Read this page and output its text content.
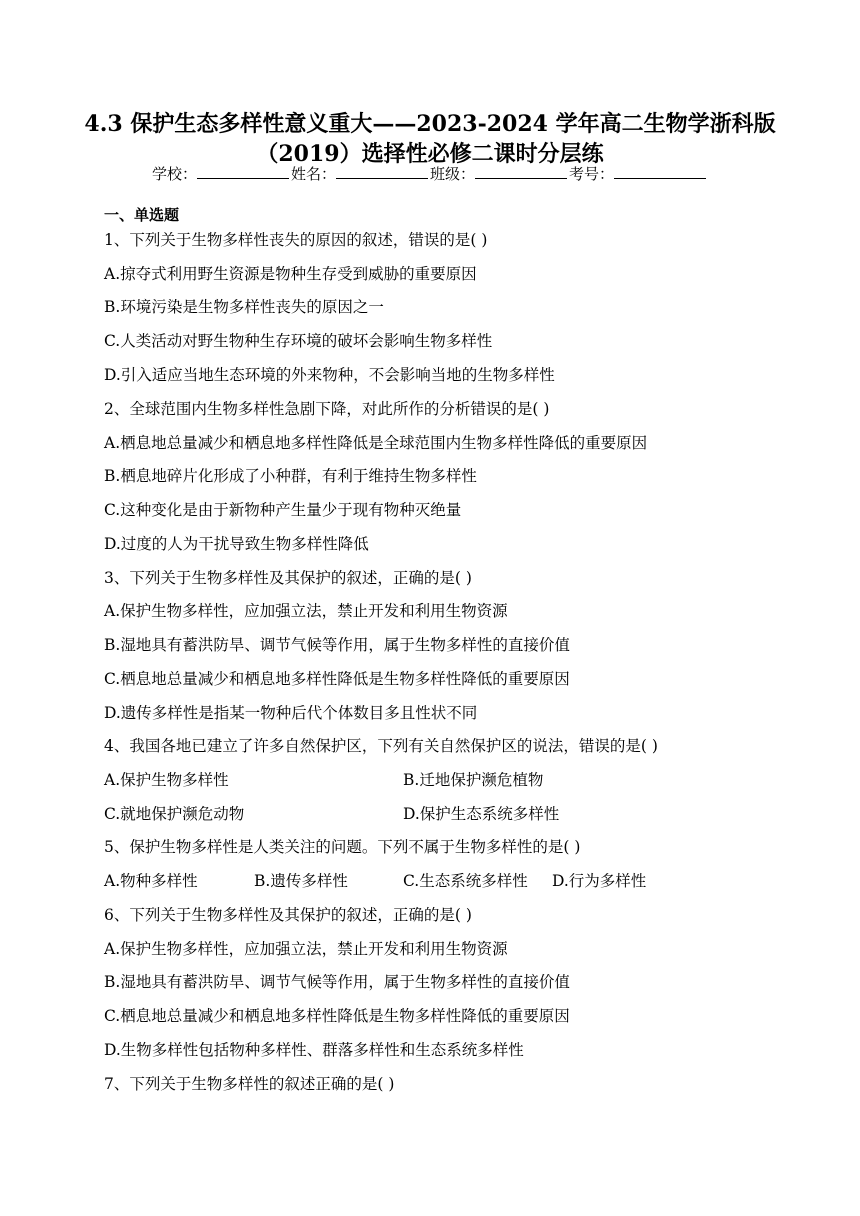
4.3 保护生态多样性意义重大——2023-2024 学年高二生物学浙科版
（2019）选择性必修二课时分层练
学校：	姓名：	班级：	考号：
一、单选题
1、下列关于生物多样性丧失的原因的叙述，错误的是( )
A.掠夺式利用野生资源是物种生存受到威胁的重要原因
B.环境污染是生物多样性丧失的原因之一
C.人类活动对野生物种生存环境的破坏会影响生物多样性
D.引入适应当地生态环境的外来物种，不会影响当地的生物多样性
2、全球范围内生物多样性急剧下降，对此所作的分析错误的是( )
A.栖息地总量减少和栖息地多样性降低是全球范围内生物多样性降低的重要原因
B.栖息地碎片化形成了小种群，有利于维持生物多样性
C.这种变化是由于新物种产生量少于现有物种灭绝量
D.过度的人为干扰导致生物多样性降低
3、下列关于生物多样性及其保护的叙述，正确的是( )
A.保护生物多样性，应加强立法，禁止开发和利用生物资源
B.湿地具有蓄洪防旱、调节气候等作用，属于生物多样性的直接价值
C.栖息地总量减少和栖息地多样性降低是生物多样性降低的重要原因
D.遗传多样性是指某一物种后代个体数目多且性状不同
4、我国各地已建立了许多自然保护区，下列有关自然保护区的说法，错误的是( )
A.保护生物多样性	B.迁地保护濒危植物
C.就地保护濒危动物	D.保护生态系统多样性
5、保护生物多样性是人类关注的问题。下列不属于生物多样性的是( )
A.物种多样性	B.遗传多样性	C.生态系统多样性 D.行为多样性
6、下列关于生物多样性及其保护的叙述，正确的是( )
A.保护生物多样性，应加强立法，禁止开发和利用生物资源
B.湿地具有蓄洪防旱、调节气候等作用，属于生物多样性的直接价值
C.栖息地总量减少和栖息地多样性降低是生物多样性降低的重要原因
D.生物多样性包括物种多样性、群落多样性和生态系统多样性
7、下列关于生物多样性的叙述正确的是( )
